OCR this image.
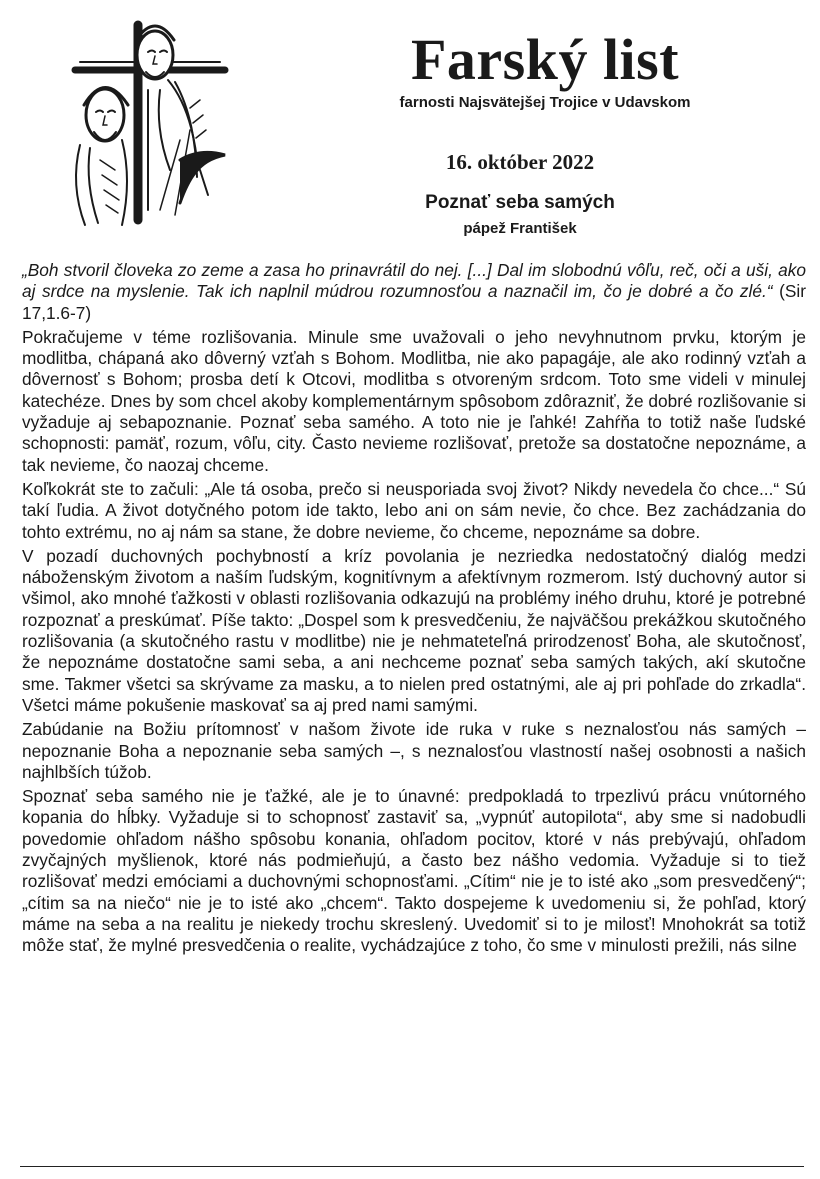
Farský list
farnosti Najsvätejšej Trojice v Udavskom
16. október 2022
Poznať seba samých
pápež František

„Boh stvoril človeka zo zeme a zasa ho prinavrátil do nej. [...] Dal im slobodnú vôľu, reč, oči a uši, ako aj srdce na myslenie. Tak ich naplnil múdrou rozumnosťou a naznačil im, čo je dobré a čo zlé.“ (Sir 17,1.6-7)

Pokračujeme v téme rozlišovania. Minule sme uvažovali o jeho nevyhnutnom prvku, ktorým je modlitba, chápaná ako dôverný vzťah s Bohom. Modlitba, nie ako papagáje, ale ako rodinný vzťah a dôvernosť s Bohom; prosba detí k Otcovi, modlitba s otvoreným srdcom. Toto sme videli v minulej katechéze. Dnes by som chcel akoby komplementárnym spôsobom zdôrazniť, že dobré rozlišovanie si vyžaduje aj sebapoznanie. Poznať seba samého. A toto nie je ľahké! Zahŕňa to totiž naše ľudské schopnosti: pamäť, rozum, vôľu, city. Často nevieme rozlišovať, pretože sa dostatočne nepoznáme, a tak nevieme, čo naozaj chceme.

Koľkokrát ste to začuli: „Ale tá osoba, prečo si neusporiada svoj život? Nikdy nevedela čo chce...“ Sú takí ľudia. A život dotyčného potom ide takto, lebo ani on sám nevie, čo chce. Bez zachádzania do tohto extrému, no aj nám sa stane, že dobre nevieme, čo chceme, nepoznáme sa dobre.

V pozadí duchovných pochybností a kríz povolania je nezriedka nedostatočný dialóg medzi náboženským životom a naším ľudským, kognitívnym a afektívnym rozmerom. Istý duchovný autor si všimol, ako mnohé ťažkosti v oblasti rozlišovania odkazujú na problémy iného druhu, ktoré je potrebné rozpoznať a preskúmať. Píše takto: „Dospel som k presvedčeniu, že najväčšou prekážkou skutočného rozlišovania (a skutočného rastu v modlitbe) nie je nehmateteľná prirodzenosť Boha, ale skutočnosť, že nepoznáme dostatočne sami seba, a ani nechceme poznať seba samých takých, akí skutočne sme. Takmer všetci sa skrývame za masku, a to nielen pred ostatnými, ale aj pri pohľade do zrkadla“. Všetci máme pokušenie maskovať sa aj pred nami samými.

Zabúdanie na Božiu prítomnosť v našom živote ide ruka v ruke s neznalosťou nás samých – nepoznanie Boha a nepoznanie seba samých –, s neznalosťou vlastností našej osobnosti a našich najhlbších túžob.

Spoznať seba samého nie je ťažké, ale je to únavné: predpokladá to trpezlivú prácu vnútorného kopania do hĺbky. Vyžaduje si to schopnosť zastaviť sa, „vypnúť autopilota“, aby sme si nadobudli povedomie ohľadom nášho spôsobu konania, ohľadom pocitov, ktoré v nás prebývajú, ohľadom zvyčajných myšlienok, ktoré nás podmieňujú, a často bez nášho vedomia. Vyžaduje si to tiež rozlišovať medzi emóciami a duchovnými schopnosťami. „Cítim“ nie je to isté ako „som presvedčený“; „cítim sa na niečo“ nie je to isté ako „chcem“. Takto dospejeme k uvedomeniu si, že pohľad, ktorý máme na seba a na realitu je niekedy trochu skreslený. Uvedomiť si to je milosť! Mnohokrát sa totiž môže stať, že mylné presvedčenia o realite, vychádzajúce z toho, čo sme v minulosti prežili, nás silne
